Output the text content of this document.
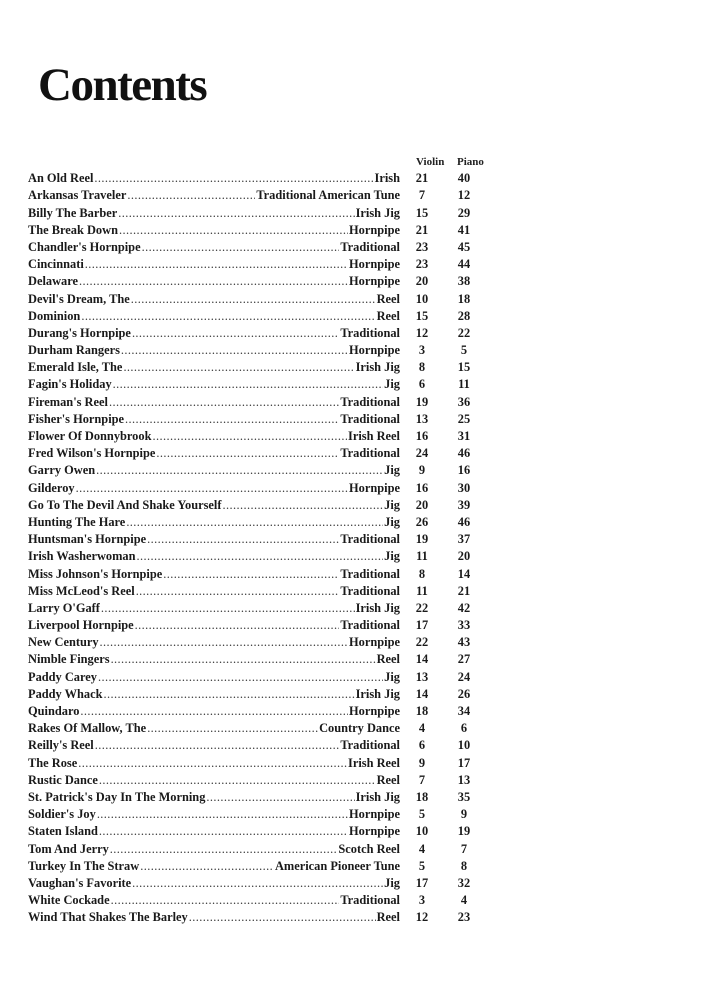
Contents
Violin Piano
An Old Reel .....	Irish	21	40
Arkansas Traveler .....	Traditional American Tune	7	12
Billy The Barber .....	Irish Jig	15	29
The Break Down .....	Hornpipe	21	41
Chandler's Hornpipe .....	Traditional	23	45
Cincinnati .....	Hornpipe	23	44
Delaware .....	Hornpipe	20	38
Devil's Dream, The .....	Reel	10	18
Dominion .....	Reel	15	28
Durang's Hornpipe .....	Traditional	12	22
Durham Rangers .....	Hornpipe	3	5
Emerald Isle, The .....	Irish Jig	8	15
Fagin's Holiday .....	Jig	6	11
Fireman's Reel .....	Traditional	19	36
Fisher's Hornpipe .....	Traditional	13	25
Flower Of Donnybrook .....	Irish Reel	16	31
Fred Wilson's Hornpipe .....	Traditional	24	46
Garry Owen .....	Jig	9	16
Gilderoy .....	Hornpipe	16	30
Go To The Devil And Shake Yourself .....	Jig	20	39
Hunting The Hare .....	Jig	26	46
Huntsman's Hornpipe .....	Traditional	19	37
Irish Washerwoman .....	Jig	11	20
Miss Johnson's Hornpipe .....	Traditional	8	14
Miss McLeod's Reel .....	Traditional	11	21
Larry O'Gaff .....	Irish Jig	22	42
Liverpool Hornpipe .....	Traditional	17	33
New Century .....	Hornpipe	22	43
Nimble Fingers .....	Reel	14	27
Paddy Carey .....	Jig	13	24
Paddy Whack .....	Irish Jig	14	26
Quindaro .....	Hornpipe	18	34
Rakes Of Mallow, The .....	Country Dance	4	6
Reilly's Reel .....	Traditional	6	10
The Rose .....	Irish Reel	9	17
Rustic Dance .....	Reel	7	13
St. Patrick's Day In The Morning .....	Irish Jig	18	35
Soldier's Joy .....	Hornpipe	5	9
Staten Island .....	Hornpipe	10	19
Tom And Jerry .....	Scotch Reel	4	7
Turkey In The Straw .....	American Pioneer Tune	5	8
Vaughan's Favorite .....	Jig	17	32
White Cockade .....	Traditional	3	4
Wind That Shakes The Barley .....	Reel	12	23
